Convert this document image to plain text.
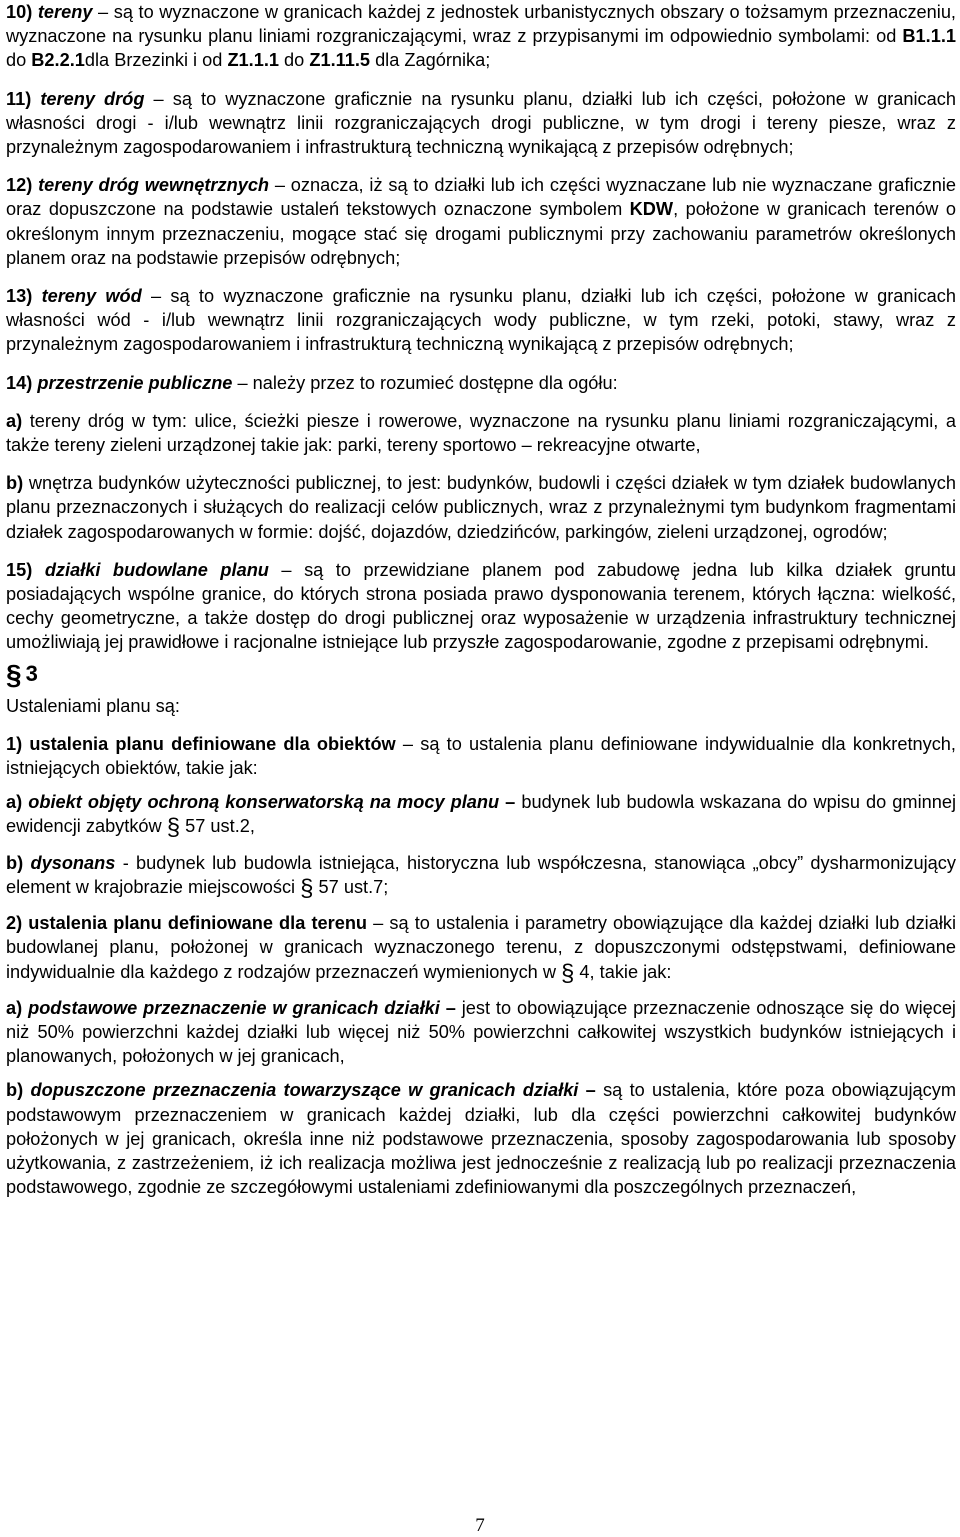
10) tereny – są to wyznaczone w granicach każdej z jednostek urbanistycznych obszary o tożsamym przeznaczeniu, wyznaczone na rysunku planu liniami rozgraniczającymi, wraz z przypisanymi im odpowiednio symbolami: od B1.1.1 do B2.2.1dla Brzezinki i od Z1.1.1 do Z1.11.5 dla Zagórnika;

11) tereny dróg – są to wyznaczone graficznie na rysunku planu, działki lub ich części, położone w granicach własności drogi - i/lub wewnątrz linii rozgraniczających drogi publiczne, w tym drogi i tereny piesze, wraz z przynależnym zagospodarowaniem i infrastrukturą techniczną wynikającą z przepisów odrębnych;

12) tereny dróg wewnętrznych – oznacza, iż są to działki lub ich części wyznaczane lub nie wyznaczane graficznie oraz dopuszczone na podstawie ustaleń tekstowych oznaczone symbolem KDW, położone w granicach terenów o określonym innym przeznaczeniu, mogące stać się drogami publicznymi przy zachowaniu parametrów określonych planem oraz na podstawie przepisów odrębnych;

13) tereny wód – są to wyznaczone graficznie na rysunku planu, działki lub ich części, położone w granicach własności wód - i/lub wewnątrz linii rozgraniczających wody publiczne, w tym rzeki, potoki, stawy, wraz z przynależnym zagospodarowaniem i infrastrukturą techniczną wynikającą z przepisów odrębnych;

14) przestrzenie publiczne – należy przez to rozumieć dostępne dla ogółu:

a) tereny dróg w tym: ulice, ścieżki piesze i rowerowe, wyznaczone na rysunku planu liniami rozgraniczającymi, a także tereny zieleni urządzonej takie jak: parki, tereny sportowo – rekreacyjne otwarte,

b) wnętrza budynków użyteczności publicznej, to jest: budynków, budowli i części działek w tym działek budowlanych planu przeznaczonych i służących do realizacji celów publicznych, wraz z przynależnymi tym budynkom fragmentami działek zagospodarowanych w formie: dojść, dojazdów, dziedzińców, parkingów, zieleni urządzonej, ogrodów;

15) działki budowlane planu – są to przewidziane planem pod zabudowę jedna lub kilka działek gruntu posiadających wspólne granice, do których strona posiada prawo dysponowania terenem, których łączna: wielkość, cechy geometryczne, a także dostęp do drogi publicznej oraz wyposażenie w urządzenia infrastruktury technicznej umożliwiają jej prawidłowe i racjonalne istniejące lub przyszłe zagospodarowanie, zgodne z przepisami odrębnymi.

§ 3

Ustaleniami planu są:

1) ustalenia planu definiowane dla obiektów – są to ustalenia planu definiowane indywidualnie dla konkretnych, istniejących obiektów, takie jak:

a) obiekt objęty ochroną konserwatorską na mocy planu – budynek lub budowla wskazana do wpisu do gminnej ewidencji zabytków § 57 ust.2,

b) dysonans - budynek lub budowla istniejąca, historyczna lub współczesna, stanowiąca „obcy” dysharmonizujący element w krajobrazie miejscowości § 57 ust.7;

2) ustalenia planu definiowane dla terenu – są to ustalenia i parametry obowiązujące dla każdej działki lub działki budowlanej planu, położonej w granicach wyznaczonego terenu, z dopuszczonymi odstępstwami, definiowane indywidualnie dla każdego z rodzajów przeznaczeń wymienionych w § 4, takie jak:

a) podstawowe przeznaczenie w granicach działki – jest to obowiązujące przeznaczenie odnoszące się do więcej niż 50% powierzchni każdej działki lub więcej niż 50% powierzchni całkowitej wszystkich budynków istniejących i planowanych, położonych w jej granicach,

b) dopuszczone przeznaczenia towarzyszące w granicach działki – są to ustalenia, które poza obowiązującym podstawowym przeznaczeniem w granicach każdej działki, lub dla części powierzchni całkowitej budynków położonych w jej granicach, określa inne niż podstawowe przeznaczenia, sposoby zagospodarowania lub sposoby użytkowania, z zastrzeżeniem, iż ich realizacja możliwa jest jednocześnie z realizacją lub po realizacji przeznaczenia podstawowego, zgodnie ze szczegółowymi ustaleniami zdefiniowanymi dla poszczególnych przeznaczeń,

7
